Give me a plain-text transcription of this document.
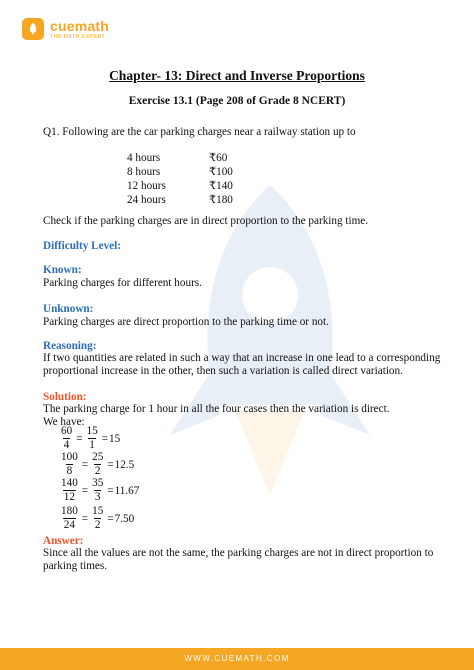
cuemath
THE MATH EXPERT
Chapter- 13: Direct and Inverse Proportions
Exercise 13.1 (Page 208 of Grade 8 NCERT)
Q1. Following are the car parking charges near a railway station up to
4 hours	₹60
8 hours	₹100
12 hours	₹140
24 hours	₹180
Check if the parking charges are in direct proportion to the parking time.
Difficulty Level:
Known:
Parking charges for different hours.
Unknown:
Parking charges are direct proportion to the parking time or not.
Reasoning:
If two quantities are related in such a way that an increase in one lead to a corresponding
proportional increase in the other, then such a variation is called direct variation.
Solution:
The parking charge for 1 hour in all the four cases then the variation is direct.
We have:
$\frac{60}{4} = \frac{15}{1} = 15$
$\frac{100}{8} = \frac{25}{2} = 12.5$
$\frac{140}{12} = \frac{35}{3} = 11.67$
$\frac{180}{24} = \frac{15}{2} = 7.50$
Answer:
Since all the values are not the same, the parking charges are not in direct proportion to
parking times.
WWW.CUEMATH.COM
